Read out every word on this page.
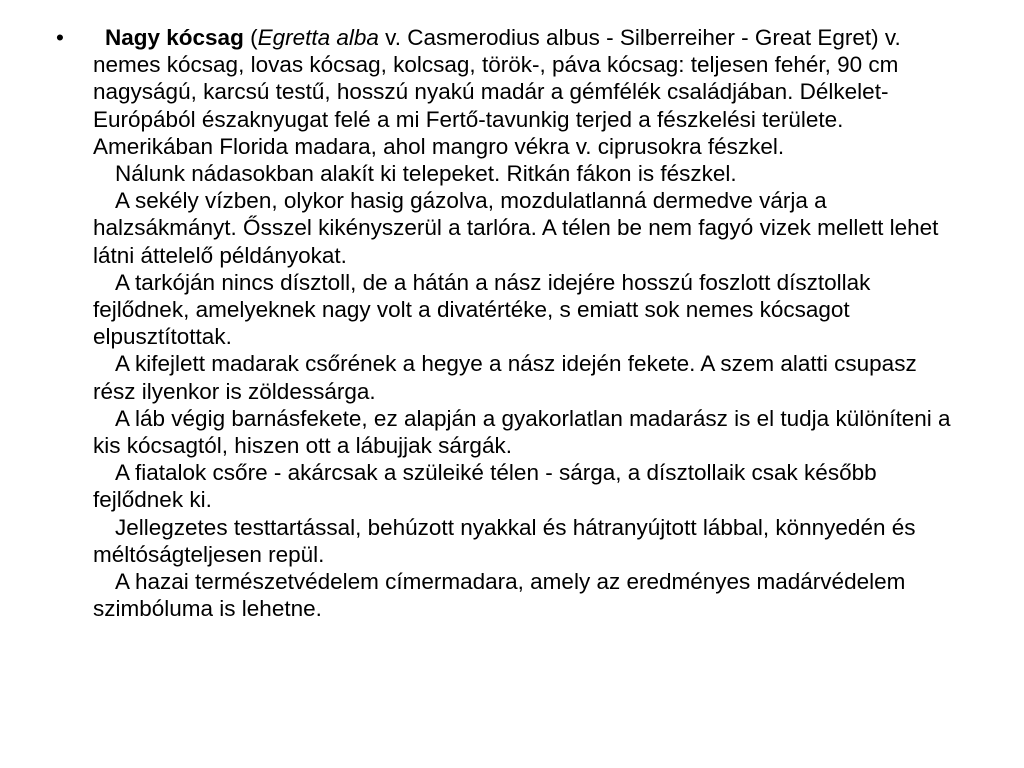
•	Nagy kócsag (Egretta alba v. Casmerodius albus - Silberreiher - Great Egret) v. nemes kócsag, lovas kócsag, kolcsag, török-, páva kócsag: teljesen fehér, 90 cm nagyságú, karcsú testű, hosszú nyakú madár a gémfélék családjában. Délkelet-Európából északnyugat felé a mi Fertő-tavunkig terjed a fészkelési területe. Amerikában Florida madara, ahol mangro vékra v. ciprusokra fészkel.

Nálunk nádasokban alakít ki telepeket. Ritkán fákon is fészkel.

A sekély vízben, olykor hasig gázolva, mozdulatlanná dermedve várja a halzsákmányt. Ősszel kikényszerül a tarlóra. A télen be nem fagyó vizek mellett lehet látni áttelelő példányokat.

A tarkóján nincs dísztoll, de a hátán a nász idejére hosszú foszlott dísztollak fejlődnek, amelyeknek nagy volt a divatértéke, s emiatt sok nemes kócsagot elpusztítottak.

A kifejlett madarak csőrének a hegye a nász idején fekete. A szem alatti csupasz rész ilyenkor is zöldessárga.

A láb végig barnásfekete, ez alapján a gyakorlatlan madarász is el tudja különíteni a kis kócsagtól, hiszen ott a lábujjak sárgák.

A fiatalok csőre - akárcsak a szüleiké télen - sárga, a dísztollaik csak később fejlődnek ki.

Jellegzetes testtartással, behúzott nyakkal és hátranyújtott lábbal, könnyedén és méltóságteljesen repül.

A hazai természetvédelem címermadara, amely az eredményes madárvédelem szimbóluma is lehetne.
